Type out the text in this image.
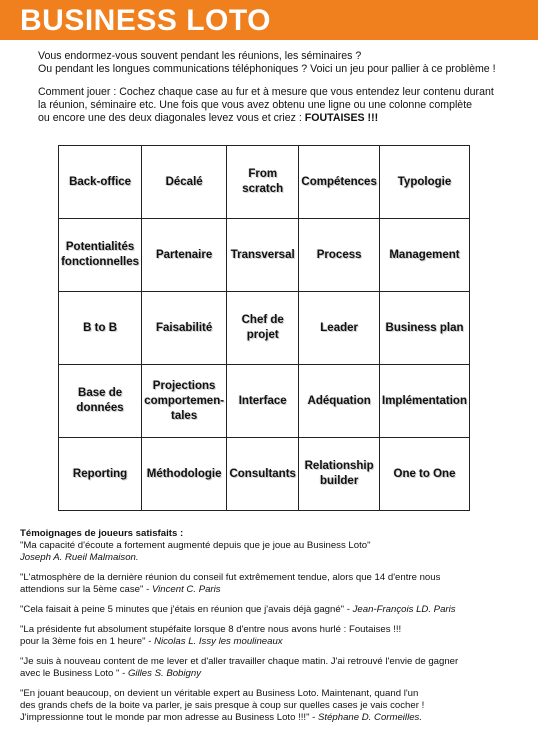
BUSINESS LOTO

Vous endormez-vous souvent pendant les réunions, les séminaires ?

Ou pendant les longues communications téléphoniques ? Voici un jeu pour pallier à ce problème !

Comment jouer : Cochez chaque case au fur et à mesure que vous entendez leur contenu durant

la réunion, séminaire etc. Une fois que vous avez obtenu une ligne ou une colonne complète

ou encore une des deux diagonales levez vous et criez : FOUTAISES !!!

Back-office	Décalé	From scratch	Compétences	Typologie
Potentialités fonctionnelles	Partenaire	Transversal	Process	Management
B to B	Faisabilité	Chef de projet	Leader	Business plan
Base de données	Projections comportemen-tales	Interface	Adéquation	Implémentation
Reporting	Méthodologie	Consultants	Relationship builder	One to One
Témoignages de joueurs satisfaits :
"Ma capacité d'écoute a fortement augmenté depuis que je joue au Business Loto"
Joseph A. Rueil Malmaison.
"L'atmosphère de la dernière réunion du conseil fut extrêmement tendue, alors que 14 d'entre nous
attendions sur la 5ème case" - Vincent C. Paris
"Cela faisait à peine 5 minutes que j'étais en réunion que j'avais déjà gagné" - Jean-François LD. Paris
"La présidente fut absolument stupéfaite lorsque 8 d'entre nous avons hurlé : Foutaises !!!
pour la 3ème fois en 1 heure" - Nicolas L. Issy les moulineaux
"Je suis à nouveau content de me lever et d'aller travailler chaque matin. J'ai retrouvé l'envie de gagner
avec le Business Loto " - Gilles S. Bobigny
"En jouant beaucoup, on devient un véritable expert au Business Loto. Maintenant, quand l'un
des grands chefs de la boite va parler, je sais presque à coup sur quelles cases je vais cocher !
J'impressionne tout le monde par mon adresse au Business Loto !!!" - Stéphane D. Cormeilles.
